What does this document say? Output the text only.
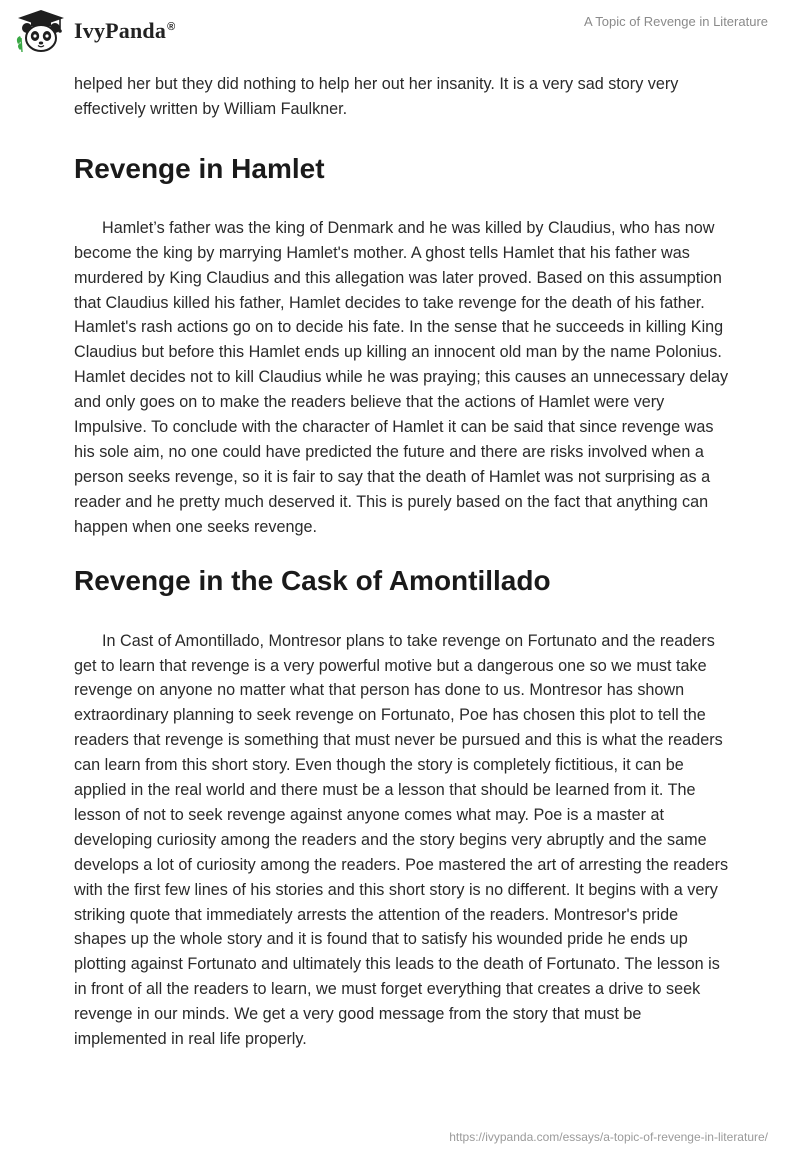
IvyPanda®	A Topic of Revenge in Literature

helped her but they did nothing to help her out her insanity. It is a very sad story very effectively written by William Faulkner.

Revenge in Hamlet

Hamlet’s father was the king of Denmark and he was killed by Claudius, who has now become the king by marrying Hamlet's mother. A ghost tells Hamlet that his father was murdered by King Claudius and this allegation was later proved. Based on this assumption that Claudius killed his father, Hamlet decides to take revenge for the death of his father. Hamlet's rash actions go on to decide his fate. In the sense that he succeeds in killing King Claudius but before this Hamlet ends up killing an innocent old man by the name Polonius. Hamlet decides not to kill Claudius while he was praying; this causes an unnecessary delay and only goes on to make the readers believe that the actions of Hamlet were very Impulsive. To conclude with the character of Hamlet it can be said that since revenge was his sole aim, no one could have predicted the future and there are risks involved when a person seeks revenge, so it is fair to say that the death of Hamlet was not surprising as a reader and he pretty much deserved it. This is purely based on the fact that anything can happen when one seeks revenge.

Revenge in the Cask of Amontillado

In Cast of Amontillado, Montresor plans to take revenge on Fortunato and the readers get to learn that revenge is a very powerful motive but a dangerous one so we must take revenge on anyone no matter what that person has done to us. Montresor has shown extraordinary planning to seek revenge on Fortunato, Poe has chosen this plot to tell the readers that revenge is something that must never be pursued and this is what the readers can learn from this short story. Even though the story is completely fictitious, it can be applied in the real world and there must be a lesson that should be learned from it. The lesson of not to seek revenge against anyone comes what may. Poe is a master at developing curiosity among the readers and the story begins very abruptly and the same develops a lot of curiosity among the readers. Poe mastered the art of arresting the readers with the first few lines of his stories and this short story is no different. It begins with a very striking quote that immediately arrests the attention of the readers. Montresor's pride shapes up the whole story and it is found that to satisfy his wounded pride he ends up plotting against Fortunato and ultimately this leads to the death of Fortunato. The lesson is in front of all the readers to learn, we must forget everything that creates a drive to seek revenge in our minds. We get a very good message from the story that must be implemented in real life properly.

https://ivypanda.com/essays/a-topic-of-revenge-in-literature/
